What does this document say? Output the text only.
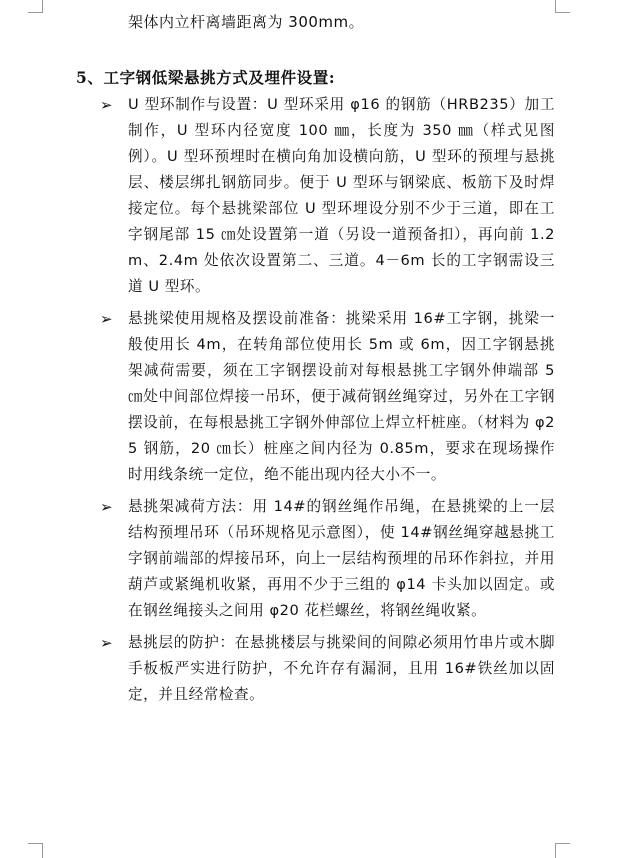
架体内立杆离墙距离为 300mm。
5、工字钢低梁悬挑方式及埋件设置:
➢ U 型环制作与设置：U 型环采用 φ16 的钢筋（HRB235）加工制作，U 型环内径宽度 100 ㎜，长度为 350 ㎜（样式见图例）。U 型环预埋时在横向角加设横向筋，U 型环的预埋与悬挑层、楼层绑扎钢筋同步。便于 U 型环与钢梁底、板筋下及时焊接定位。每个悬挑梁部位 U 型环埋设分别不少于三道，即在工字钢尾部 15 ㎝处设置第一道（另设一道预备扣），再向前 1.2m、2.4m 处依次设置第二、三道。4－6m 长的工字钢需设三道 U 型环。
➢ 悬挑梁使用规格及摆设前准备：挑梁采用 16#工字钢，挑梁一般使用长 4m，在转角部位使用长 5m 或 6m，因工字钢悬挑架减荷需要，须在工字钢摆设前对每根悬挑工字钢外伸端部 5 ㎝处中间部位焊接一吊环，便于减荷钢丝绳穿过，另外在工字钢摆设前，在每根悬挑工字钢外伸部位上焊立杆桩座。（材料为 φ25 钢筋，20 ㎝长）桩座之间内径为 0.85m，要求在现场操作时用线条统一定位，绝不能出现内径大小不一。
➢ 悬挑架减荷方法：用 14#的钢丝绳作吊绳，在悬挑梁的上一层结构预埋吊环（吊环规格见示意图），使 14#钢丝绳穿越悬挑工字钢前端部的焊接吊环，向上一层结构预埋的吊环作斜拉，并用葫芦或紧绳机收紧，再用不少于三组的 φ14 卡头加以固定。或在钢丝绳接头之间用 φ20 花栏螺丝，将钢丝绳收紧。
➢ 悬挑层的防护：在悬挑楼层与挑梁间的间隙必须用竹串片或木脚手板板严实进行防护，不允许存有漏洞，且用 16#铁丝加以固定，并且经常检查。
